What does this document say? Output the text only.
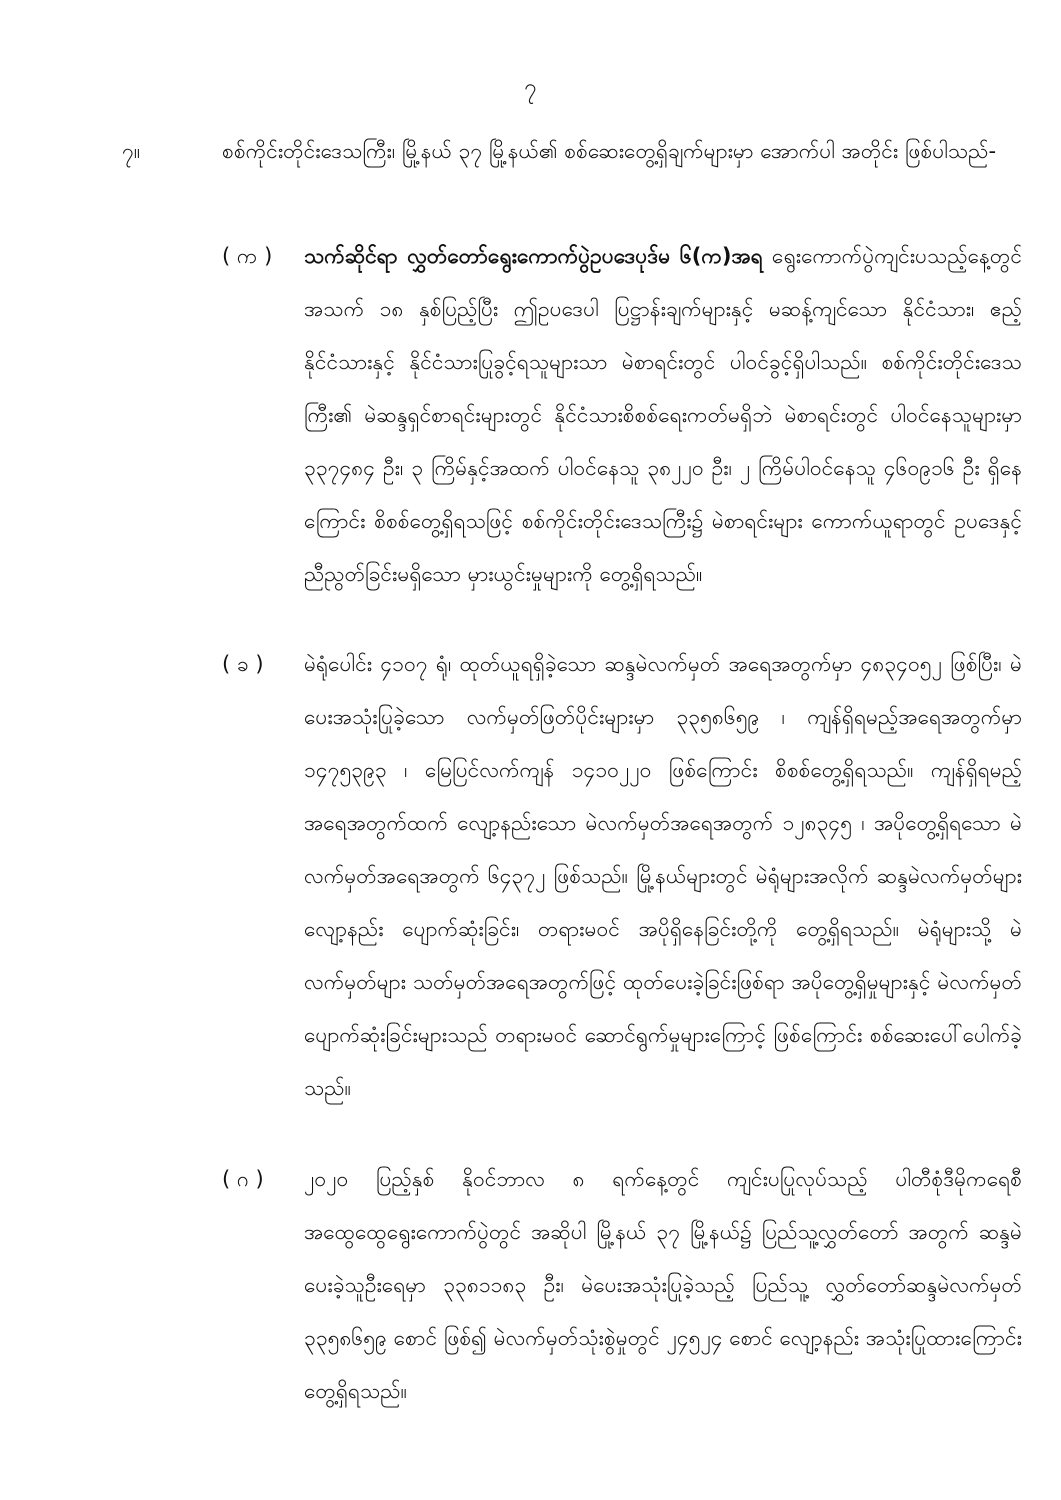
၇
၇။	စစ်ကိုင်းတိုင်းဒေသကြီး၊ မြို့နယ် ၃၇ မြို့နယ်၏ စစ်ဆေးတွေ့ရှိချက်များမှာ အောက်ပါ အတိုင်း ဖြစ်ပါသည်-
( က )	သက်ဆိုင်ရာ လွှတ်တော်ရွေးကောက်ပွဲဥပဒေပုဒ်မ ၆(က)အရ ရွေးကောက်ပွဲကျင်းပသည့်နေ့တွင် အသက် ၁၈ နှစ်ပြည့်ပြီး ဤဥပဒေပါ ပြဋ္ဌာန်းချက်များနှင့် မဆန့်ကျင်သော နိုင်ငံသား၊ ဧည့်နိုင်ငံသားနှင့် နိုင်ငံသားပြုခွင့်ရသူများသာ မဲစာရင်းတွင် ပါဝင်ခွင့်ရှိပါသည်။ စစ်ကိုင်းတိုင်းဒေသကြီး၏ မဲဆန္ဒရှင်စာရင်းများတွင် နိုင်ငံသားစိစစ်ရေးကတ်မရှိဘဲ မဲစာရင်းတွင် ပါဝင်နေသူများမှာ ၃၃၇၄၈၄ ဦး၊ ၃ ကြိမ်နှင့်အထက် ပါဝင်နေသူ ၃၈၂၂၀ ဦး၊ ၂ ကြိမ်ပါဝင်နေသူ ၄၆၀၉၁၆ ဦး ရှိနေကြောင်း စိစစ်တွေ့ရှိရသဖြင့် စစ်ကိုင်းတိုင်းဒေသကြီး၌ မဲစာရင်းများ ကောက်ယူရာတွင် ဥပဒေနှင့်ညီညွတ်ခြင်းမရှိသော မှားယွင်းမှုများကို တွေ့ရှိရသည်။
( ခ )	မဲရုံပေါင်း ၄၁၀၇ ရုံ၊ ထုတ်ယူရရှိခဲ့သော ဆန္ဒမဲလက်မှတ် အရေအတွက်မှာ ၄၈၃၄၀၅၂ ဖြစ်ပြီး၊ မဲပေးအသုံးပြုခဲ့သော လက်မှတ်ဖြတ်ပိုင်းများမှာ ၃၃၅၈၆၅၉ ၊ ကျန်ရှိရမည့်အရေအတွက်မှာ ၁၄၇၅၃၉၃ ၊ မြေပြင်လက်ကျန် ၁၄၁၀၂၂၀ ဖြစ်ကြောင်း စိစစ်တွေ့ရှိရသည်။ ကျန်ရှိရမည့် အရေအတွက်ထက် လျော့နည်းသော မဲလက်မှတ်အရေအတွက် ၁၂၈၃၄၅ ၊ အပိုတွေ့ရှိရသော မဲလက်မှတ်အရေအတွက် ၆၄၃၇၂ ဖြစ်သည်။ မြို့နယ်များတွင် မဲရုံများအလိုက် ဆန္ဒမဲလက်မှတ်များ လျော့နည်း ပျောက်ဆုံးခြင်း၊ တရားမဝင် အပိုရှိနေခြင်းတို့ကို တွေ့ရှိရသည်။ မဲရုံများသို့ မဲလက်မှတ်များ သတ်မှတ်အရေအတွက်ဖြင့် ထုတ်ပေးခဲ့ခြင်းဖြစ်ရာ အပိုတွေ့ရှိမှုများနှင့် မဲလက်မှတ်ပျောက်ဆုံးခြင်းများသည် တရားမဝင် ဆောင်ရွက်မှုများကြောင့် ဖြစ်ကြောင်း စစ်ဆေးပေါ်ပေါက်ခဲ့သည်။
( ဂ )	၂၀၂၀ ပြည့်နှစ် နိုဝင်ဘာလ ၈ ရက်နေ့တွင် ကျင်းပပြုလုပ်သည့် ပါတီစုံဒီမိုကရေစီ အထွေထွေရွေးကောက်ပွဲတွင် အဆိုပါ မြို့နယ် ၃၇ မြို့နယ်၌ ပြည်သူ့လွှတ်တော် အတွက် ဆန္ဒမဲပေးခဲ့သူဦးရေမှာ ၃၃၈၁၁၈၃ ဦး၊ မဲပေးအသုံးပြုခဲ့သည့် ပြည်သူ့ လွှတ်တော်ဆန္ဒမဲလက်မှတ် ၃၃၅၈၆၅၉ စောင် ဖြစ်၍ မဲလက်မှတ်သုံးစွဲမှုတွင် ၂၄၅၂၄ စောင် လျော့နည်း အသုံးပြုထားကြောင်း တွေ့ရှိရသည်။
